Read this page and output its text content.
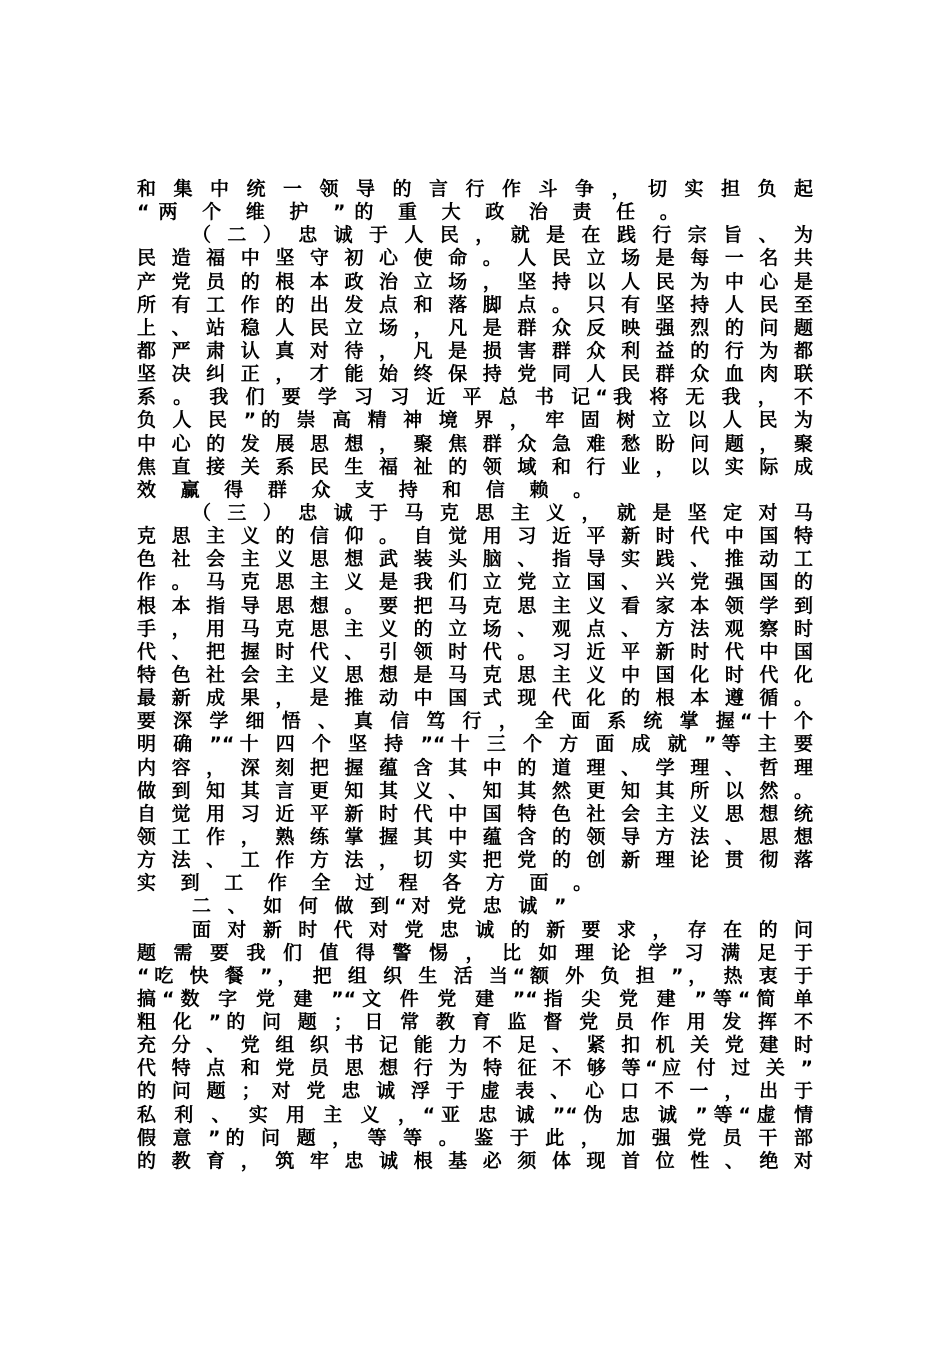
和 集 中 统 一 领 导 的 言 行 作 斗 争 ， 切 实 担 负 起
“两 个 维 护 ”的 重 大 政 治 责 任 。
（ 二 ） 忠 诚 于 人 民 ， 就 是 在 践 行 宗 旨 、 为
民 造 福 中 坚 守 初 心 使 命 。 人 民 立 场 是 每 一 名 共
产 党 员 的 根 本 政 治 立 场 ， 坚 持 以 人 民 为 中 心 是
所 有 工 作 的 出 发 点 和 落 脚 点 。 只 有 坚 持 人 民 至
上 、 站 稳 人 民 立 场 ， 凡 是 群 众 反 映 强 烈 的 问 题
都 严 肃 认 真 对 待 ， 凡 是 损 害 群 众 利 益 的 行 为 都
坚 决 纠 正 ， 才 能 始 终 保 持 党 同 人 民 群 众 血 肉 联
系 。 我 们 要 学 习 习 近 平 总 书 记“我 将 无 我 ， 不
负 人 民 ”的 崇 高 精 神 境 界 ， 牢 固 树 立 以 人 民 为
中 心 的 发 展 思 想 ， 聚 焦 群 众 急 难 愁 盼 问 题 ， 聚
焦 直 接 关 系 民 生 福 祉 的 领 域 和 行 业 ， 以 实 际 成
效 赢 得 群 众 支 持 和 信 赖 。
（ 三 ） 忠 诚 于 马 克 思 主 义 ， 就 是 坚 定 对 马
克 思 主 义 的 信 仰 。 自 觉 用 习 近 平 新 时 代 中 国 特
色 社 会 主 义 思 想 武 装 头 脑 、 指 导 实 践 、 推 动 工
作 。 马 克 思 主 义 是 我 们 立 党 立 国 、 兴 党 强 国 的
根 本 指 导 思 想 。 要 把 马 克 思 主 义 看 家 本 领 学 到
手 ， 用 马 克 思 主 义 的 立 场 、 观 点 、 方 法 观 察 时
代 、 把 握 时 代 、 引 领 时 代 。 习 近 平 新 时 代 中 国
特 色 社 会 主 义 思 想 是 马 克 思 主 义 中 国 化 时 代 化
最 新 成 果 ， 是 推 动 中 国 式 现 代 化 的 根 本 遵 循 。
要 深 学 细 悟 、 真 信 笃 行 ， 全 面 系 统 掌 握“十 个
明 确 ”“十 四 个 坚 持 ”“十 三 个 方 面 成 就 ”等 主 要
内 容 ， 深 刻 把 握 蕴 含 其 中 的 道 理 、 学 理 、 哲 理
做 到 知 其 言 更 知 其 义 、 知 其 然 更 知 其 所 以 然 。
自 觉 用 习 近 平 新 时 代 中 国 特 色 社 会 主 义 思 想 统
领 工 作 ， 熟 练 掌 握 其 中 蕴 含 的 领 导 方 法 、 思 想
方 法 、 工 作 方 法 ， 切 实 把 党 的 创 新 理 论 贯 彻 落
实 到 工 作 全 过 程 各 方 面 。
二 、 如 何 做 到“对 党 忠 诚 ”
面 对 新 时 代 对 党 忠 诚 的 新 要 求 ， 存 在 的 问
题 需 要 我 们 值 得 警 惕 ， 比 如 理 论 学 习 满 足 于
“吃 快 餐 ”， 把 组 织 生 活 当“额 外 负 担 ”， 热 衷 于
搞“数 字 党 建 ”“文 件 党 建 ”“指 尖 党 建 ”等“简 单
粗 化 ”的 问 题 ； 日 常 教 育 监 督 党 员 作 用 发 挥 不
充 分 、 党 组 织 书 记 能 力 不 足 、 紧 扣 机 关 党 建 时
代 特 点 和 党 员 思 想 行 为 特 征 不 够 等“应 付 过 关 ”
的 问 题 ； 对 党 忠 诚 浮 于 虚 表 、 心 口 不 一 ， 出 于
私 利 、 实 用 主 义 ，“亚 忠 诚 ”“伪 忠 诚 ”等“虚 情
假 意 ”的 问 题 ， 等 等 。 鉴 于 此 ， 加 强 党 员 干 部
的 教 育 ， 筑 牢 忠 诚 根 基 必 须 体 现 首 位 性 、 绝 对
